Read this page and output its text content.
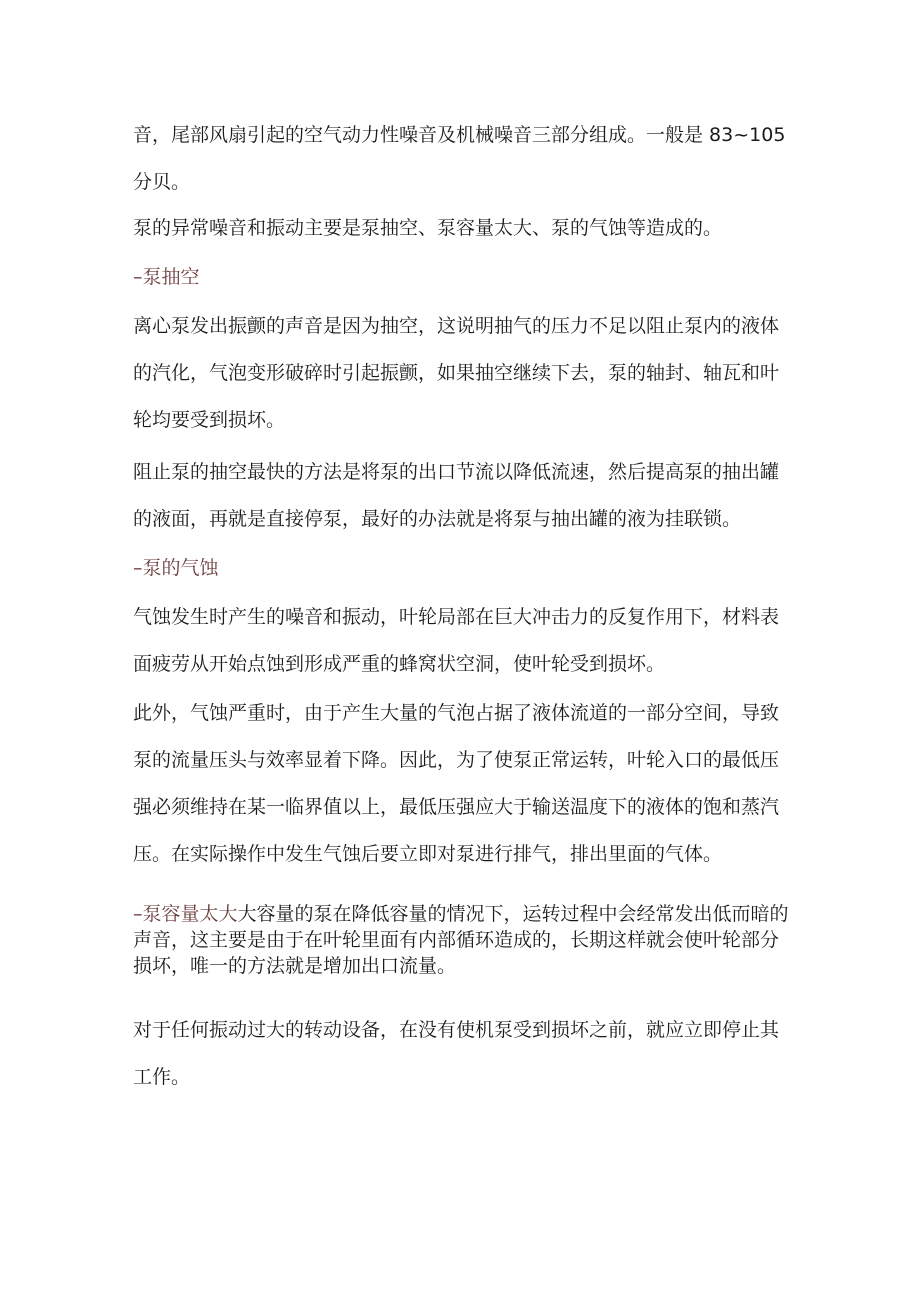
音，尾部风扇引起的空气动力性噪音及机械噪音三部分组成。一般是 83~105 分贝。

泵的异常噪音和振动主要是泵抽空、泵容量太大、泵的气蚀等造成的。

–泵抽空

离心泵发出振颤的声音是因为抽空，这说明抽气的压力不足以阻止泵内的液体的汽化，气泡变形破碎时引起振颤，如果抽空继续下去，泵的轴封、轴瓦和叶轮均要受到损坏。

阻止泵的抽空最快的方法是将泵的出口节流以降低流速，然后提高泵的抽出罐的液面，再就是直接停泵，最好的办法就是将泵与抽出罐的液为挂联锁。

–泵的气蚀

气蚀发生时产生的噪音和振动，叶轮局部在巨大冲击力的反复作用下，材料表面疲劳从开始点蚀到形成严重的蜂窝状空洞，使叶轮受到损坏。

此外，气蚀严重时，由于产生大量的气泡占据了液体流道的一部分空间，导致泵的流量压头与效率显着下降。因此，为了使泵正常运转，叶轮入口的最低压强必须维持在某一临界值以上，最低压强应大于输送温度下的液体的饱和蒸汽压。在实际操作中发生气蚀后要立即对泵进行排气，排出里面的气体。

–泵容量太大大容量的泵在降低容量的情况下，运转过程中会经常发出低而暗的声音，这主要是由于在叶轮里面有内部循环造成的，长期这样就会使叶轮部分损坏，唯一的方法就是增加出口流量。

对于任何振动过大的转动设备，在没有使机泵受到损坏之前，就应立即停止其工作。
